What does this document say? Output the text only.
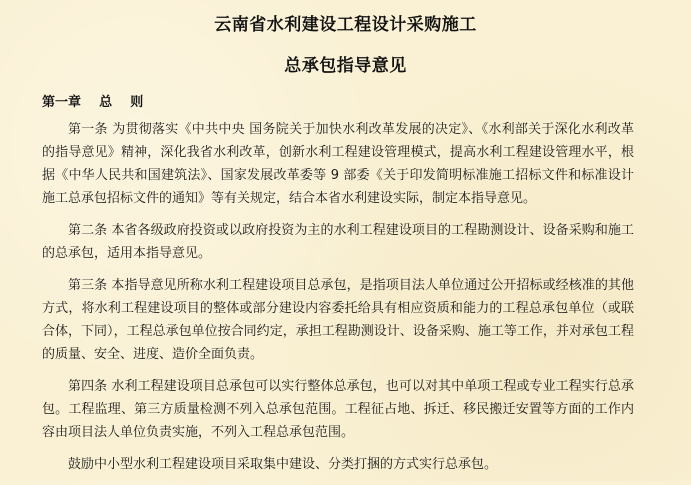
云南省水利建设工程设计采购施工
总承包指导意见
第一章    总    则

第一条 为贯彻落实《中共中央 国务院关于加快水利改革发展的决定》、《水利部关于深化水利改革的指导意见》精神，深化我省水利改革，创新水利工程建设管理模式，提高水利工程建设管理水平，根据《中华人民共和国建筑法》、国家发展改革委等 9 部委《关于印发简明标准施工招标文件和标准设计施工总承包招标文件的通知》等有关规定，结合本省水利建设实际，制定本指导意见。

第二条 本省各级政府投资或以政府投资为主的水利工程建设项目的工程勘测设计、设备采购和施工的总承包，适用本指导意见。

第三条 本指导意见所称水利工程建设项目总承包，是指项目法人单位通过公开招标或经核准的其他方式，将水利工程建设项目的整体或部分建设内容委托给具有相应资质和能力的工程总承包单位（或联合体，下同），工程总承包单位按合同约定，承担工程勘测设计、设备采购、施工等工作，并对承包工程的质量、安全、进度、造价全面负责。

第四条 水利工程建设项目总承包可以实行整体总承包，也可以对其中单项工程或专业工程实行总承包。工程监理、第三方质量检测不列入总承包范围。工程征占地、拆迁、移民搬迁安置等方面的工作内容由项目法人单位负责实施，不列入工程总承包范围。

鼓励中小型水利工程建设项目采取集中建设、分类打捆的方式实行总承包。
